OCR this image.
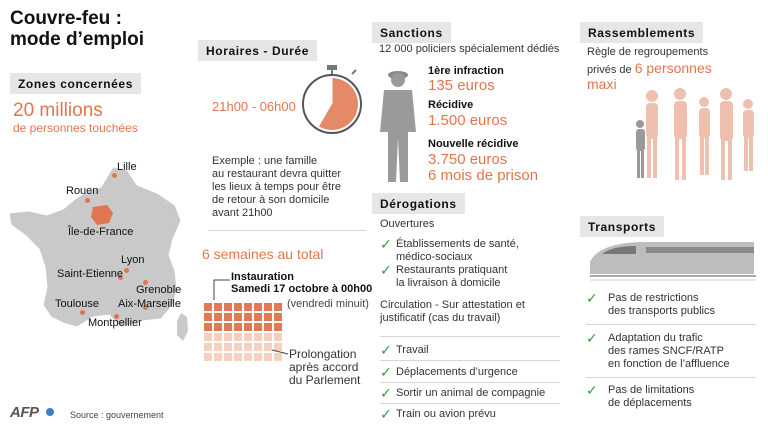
Couvre-feu :
mode d’emploi
Zones concernées
20 millions
de personnes touchées
Lille
Rouen
Île-de-France
Lyon
Saint-Etienne
Grenoble
Toulouse Aix-Marseille
Montpellier
Horaires - Durée
21h00 - 06h00
Exemple : une famille
au restaurant devra quitter
les lieux à temps pour être
de retour à son domicile
avant 21h00
6 semaines au total
Instauration
Samedi 17 octobre à 00h00
(vendredi minuit)
Prolongation
après accord
du Parlement
Sanctions
12 000 policiers spécialement dédiés
1ère infraction
135 euros
Récidive
1.500 euros
Nouvelle récidive
3.750 euros
6 mois de prison
Dérogations
Ouvertures
✓ Établissements de santé,
médico-sociaux
✓ Restaurants pratiquant
la livraison à domicile
Circulation - Sur attestation et
justificatif (cas du travail)
✓ Travail
✓ Déplacements d’urgence
✓ Sortir un animal de compagnie
✓ Train ou avion prévu
Rassemblements
Règle de regroupements
privés de 6 personnes
maxi
Transports
✓ Pas de restrictions
des transports publics
✓ Adaptation du trafic
des rames SNCF/RATP
en fonction de l’affluence
✓ Pas de limitations
de déplacements
AFP	Source : gouvernement
